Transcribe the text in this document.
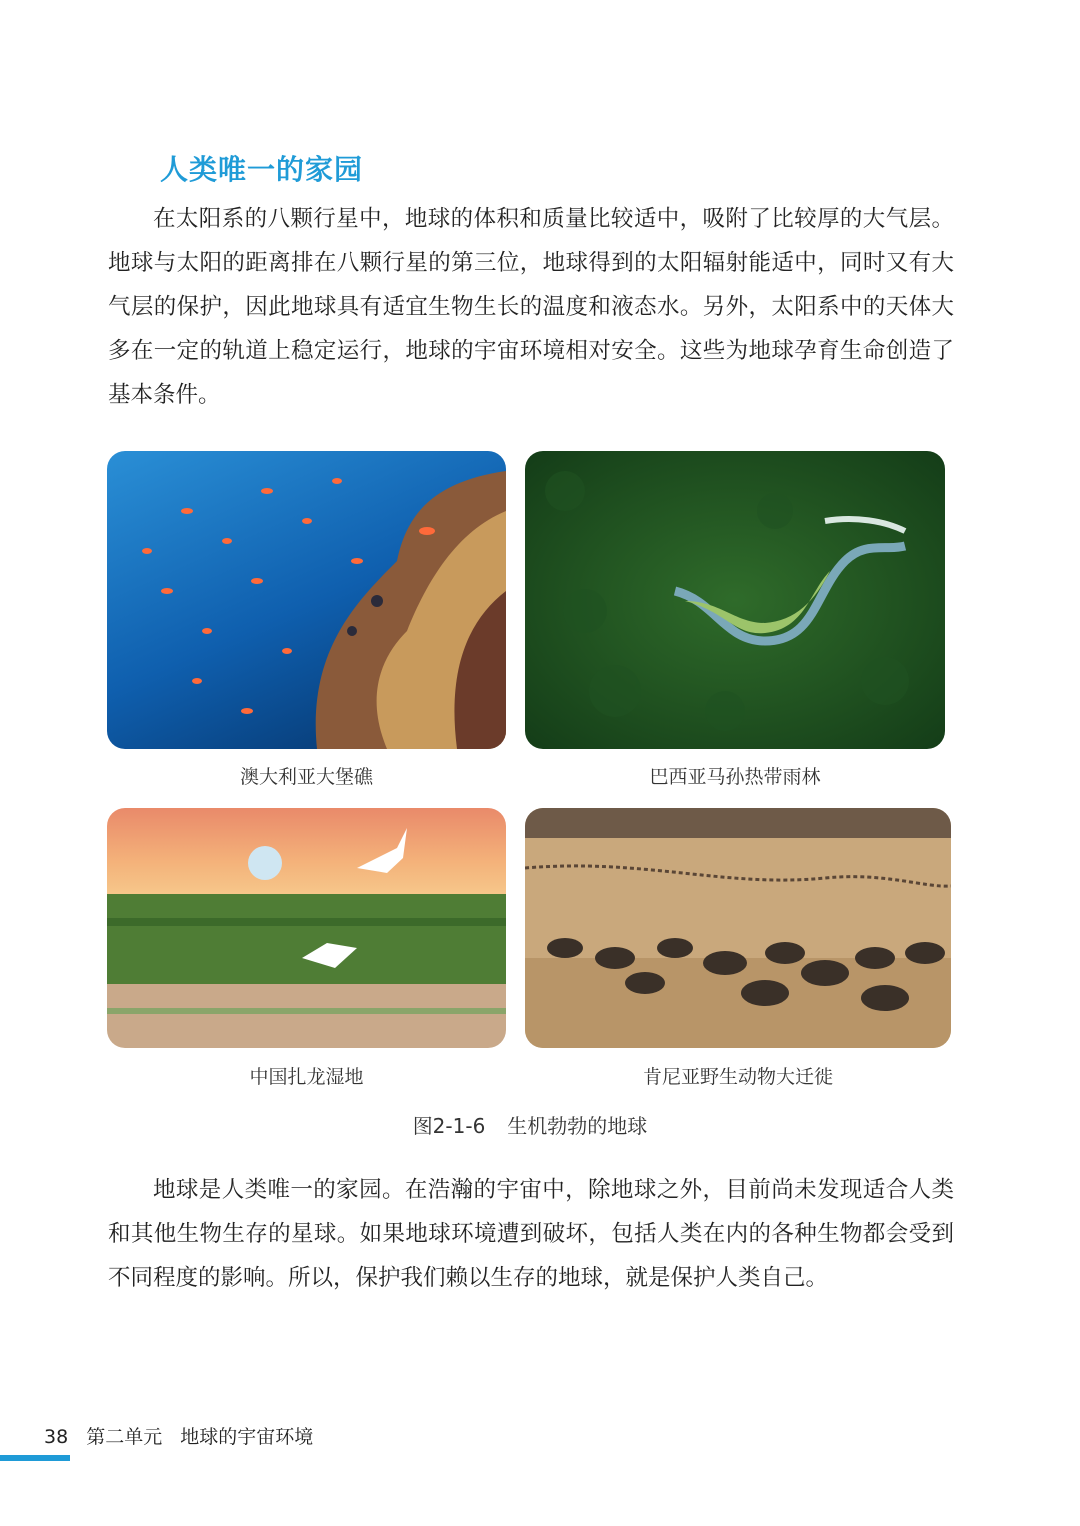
人类唯一的家园

在太阳系的八颗行星中，地球的体积和质量比较适中，吸附了比较厚的大气层。地球与太阳的距离排在八颗行星的第三位，地球得到的太阳辐射能适中，同时又有大气层的保护，因此地球具有适宜生物生长的温度和液态水。另外，太阳系中的天体大多在一定的轨道上稳定运行，地球的宇宙环境相对安全。这些为地球孕育生命创造了基本条件。

澳大利亚大堡礁	巴西亚马孙热带雨林
中国扎龙湿地	肯尼亚野生动物大迁徙
图2-1-6 生机勃勃的地球

地球是人类唯一的家园。在浩瀚的宇宙中，除地球之外，目前尚未发现适合人类和其他生物生存的星球。如果地球环境遭到破坏，包括人类在内的各种生物都会受到不同程度的影响。所以，保护我们赖以生存的地球，就是保护人类自己。

38 第二单元 地球的宇宙环境
